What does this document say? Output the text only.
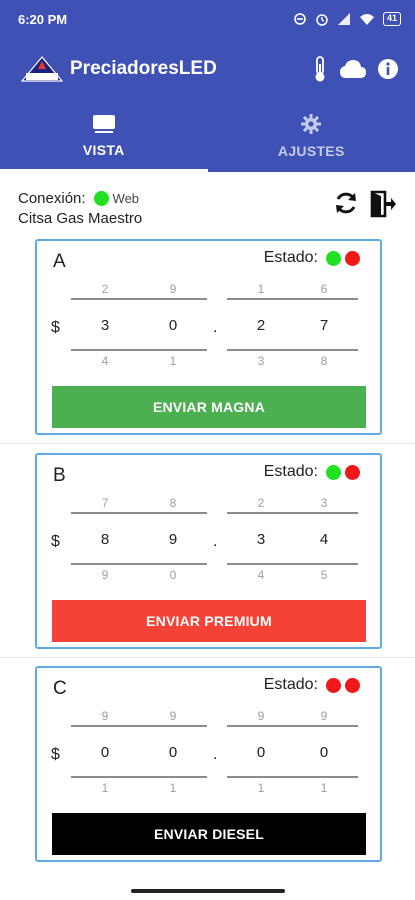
6:20 PM	41
PreciadoresLED
VISTA	AJUSTES
Conexión: Web
Citsa Gas Maestro
A	Estado:
$
2
3
4
9
0
1
.
1
2
3
6
7
8
ENVIAR MAGNA
B	Estado:
$
7
8
9
8
9
0
.
2
3
4
3
4
5
ENVIAR PREMIUM
C	Estado:
$
9
0
1
9
0
1
.
9
0
1
9
0
1
ENVIAR DIESEL
